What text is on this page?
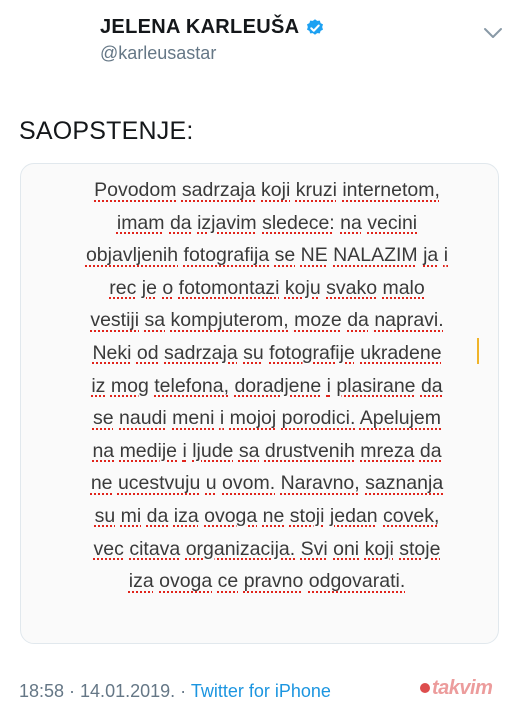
JELENA KARLEUŠA
@karleusastar
SAOPSTENJE:
Povodom sadrzaja koji kruzi internetom,
imam da izjavim sledece: na vecini
objavljenih fotografija se NE NALAZIM ja i
rec je o fotomontazi koju svako malo
vestiji sa kompjuterom, moze da napravi.
Neki od sadrzaja su fotografije ukradene
iz mog telefona, doradjene i plasirane da
se naudi meni i mojoj porodici. Apelujem
na medije i ljude sa drustvenih mreza da
ne ucestvuju u ovom. Naravno, saznanja
su mi da iza ovoga ne stoji jedan covek,
vec citava organizacija. Svi oni koji stoje
iza ovoga ce pravno odgovarati.
18:58 · 14.01.2019. · Twitter for iPhone	takvim
